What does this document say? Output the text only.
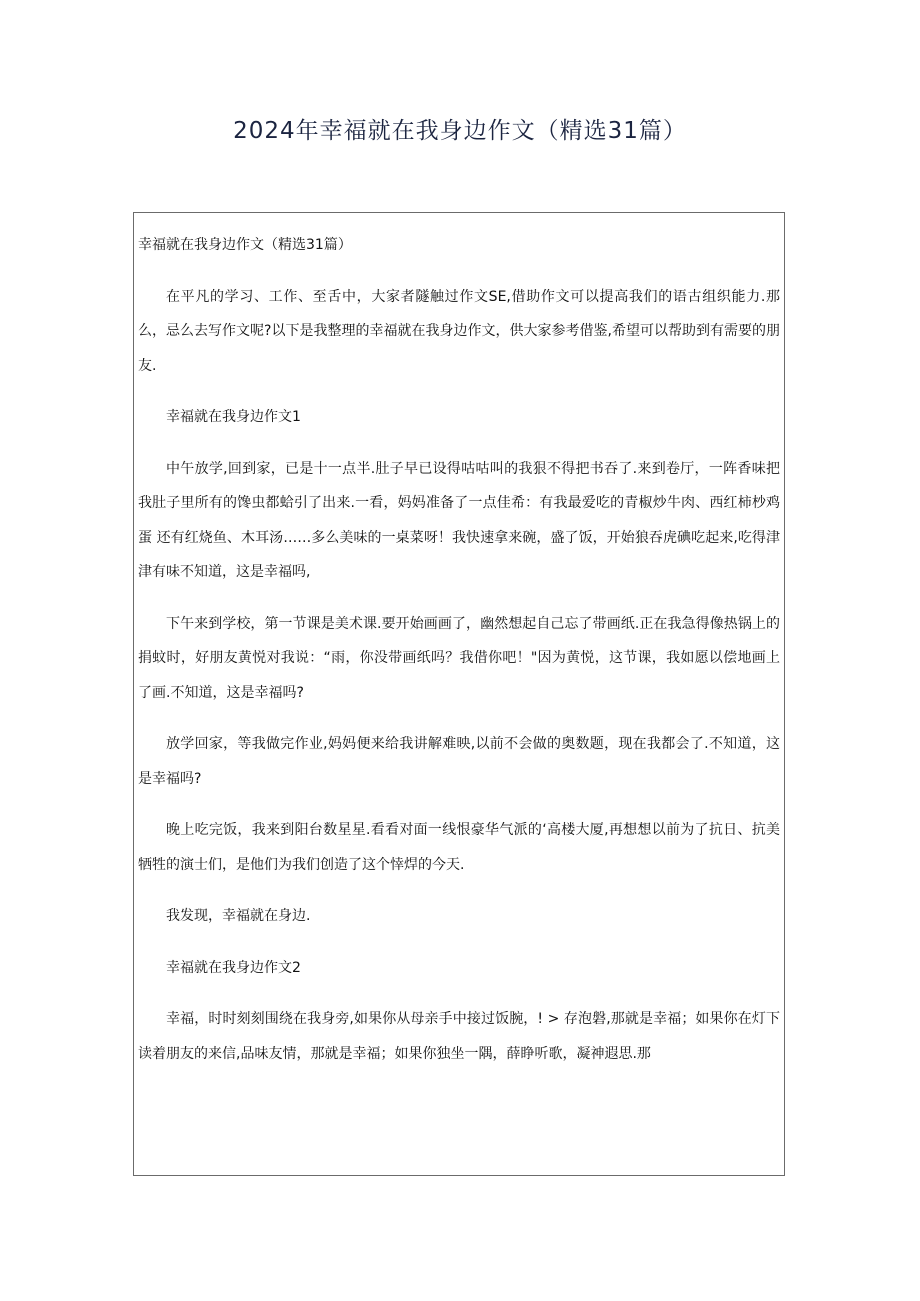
2024年幸福就在我身边作文（精选31篇）

幸福就在我身边作文（精选31篇）

在平凡的学习、工作、至舌中，大家者隧触过作文SE,借助作文可以提高我们的语古组织能力.那么，忌么去写作文呢?以下是我整理的幸福就在我身边作文，供大家参考借鉴,希望可以帮助到有需要的朋友.

幸福就在我身边作文1

中午放学,回到家，已是十一点半.肚子早已设得咕咕叫的我狠不得把书吞了.来到卷厅，一阵香味把我肚子里所有的馋虫都蛤引了出来.一看，妈妈准备了一点佳希：有我最爱吃的青椒炒牛肉、西红柿杪鸡蛋 还有红烧鱼、木耳汤……多么美味的一桌菜呀！我快速拿来碗，盛了饭，开始狼吞虎碘吃起来,吃得津津有味不知道，这是幸福吗,

下午来到学校，第一节课是美术课.要开始画画了，幽然想起自己忘了带画纸.正在我急得像热锅上的捐蚊时，好朋友黄悦对我说：“雨，你没带画纸吗？我借你吧！"因为黄悦，这节课，我如愿以偿地画上了画.不知道，这是幸福吗?

放学回家，等我做完作业,妈妈便来给我讲解难映,以前不会做的奥数题，现在我都会了.不知道，这是幸福吗?

晚上吃完饭，我来到阳台数星星.看看对面一线恨豪华气派的‘高楼大厦,再想想以前为了抗日、抗美牺牲的演士们，是他们为我们创造了这个悻焊的今天.

我发现，幸福就在身边.

幸福就在我身边作文2

幸福，时时刻刻围绕在我身旁,如果你从母亲手中接过饭腕，! > 存泡磐,那就是幸福；如果你在灯下读着朋友的来信,品味友情，那就是幸福；如果你独坐一隅，薛睁听歌，凝神遐思.那
